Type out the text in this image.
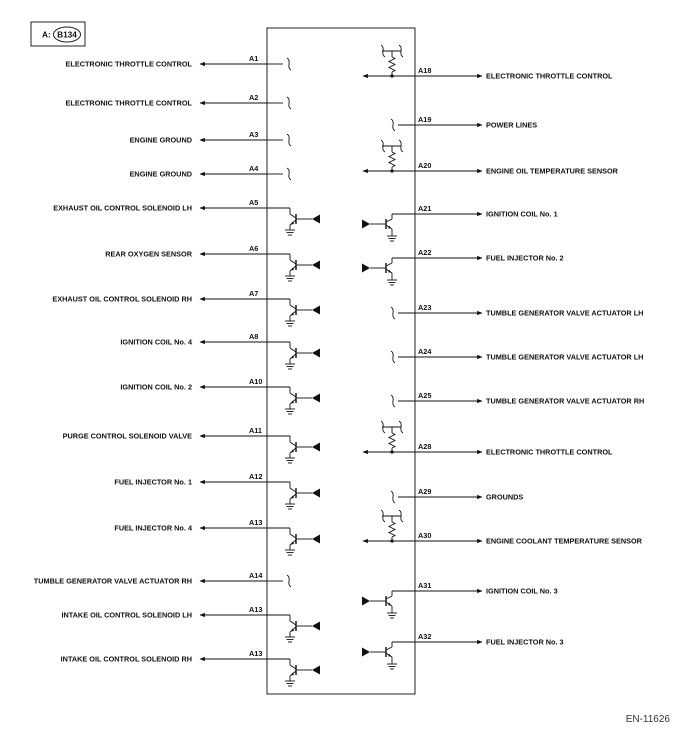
A: B134
ELECTRONIC THROTTLE CONTROL
A1
ELECTRONIC THROTTLE CONTROL
A2
ENGINE GROUND
A3
ENGINE GROUND
A4
EXHAUST OIL CONTROL SOLENOID LH
A5
REAR OXYGEN SENSOR
A6
EXHAUST OIL CONTROL SOLENOID RH
A7
IGNITION COIL No. 4
A8
IGNITION COIL No. 2
A10
PURGE CONTROL SOLENOID VALVE
A11
FUEL INJECTOR No. 1
A12
FUEL INJECTOR No. 4
A13
TUMBLE GENERATOR VALVE ACTUATOR RH
A14
INTAKE OIL CONTROL SOLENOID LH
A13
INTAKE OIL CONTROL SOLENOID RH
A13
ELECTRONIC THROTTLE CONTROL
A18
POWER LINES
A19
ENGINE OIL TEMPERATURE SENSOR
A20
IGNITION COIL No. 1
A21
FUEL INJECTOR No. 2
A22
TUMBLE GENERATOR VALVE ACTUATOR LH
A23
TUMBLE GENERATOR VALVE ACTUATOR LH
A24
TUMBLE GENERATOR VALVE ACTUATOR RH
A25
ELECTRONIC THROTTLE CONTROL
A28
GROUNDS
A29
ENGINE COOLANT TEMPERATURE SENSOR
A30
IGNITION COIL No. 3
A31
FUEL INJECTOR No. 3
A32
EN-11626
